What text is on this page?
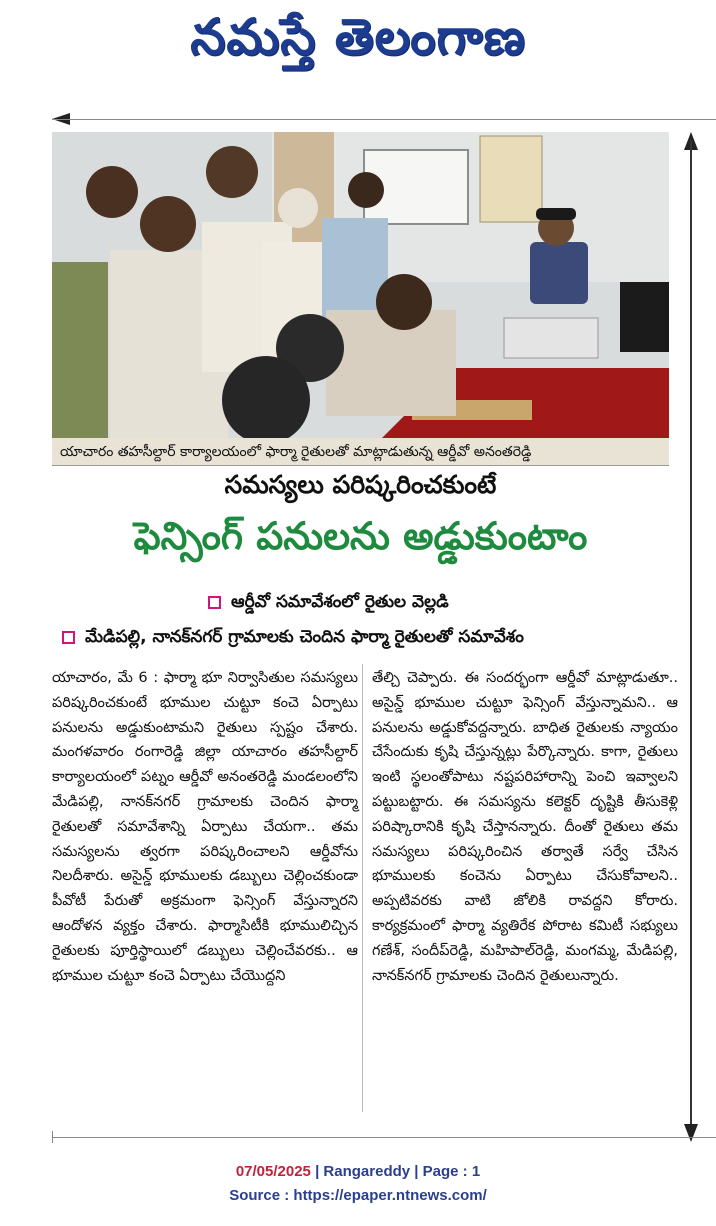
నమస్తే తెలంగాణ
యాచారం తహసీల్దార్ కార్యాలయంలో ఫార్మా రైతులతో మాట్లాడుతున్న ఆర్డీవో అనంతరెడ్డి
సమస్యలు పరిష్కరించకుంటే
ఫెన్సింగ్ పనులను అడ్డుకుంటాం
ఆర్డీవో సమావేశంలో రైతుల వెల్లడి
మేడిపల్లి, నానక్‌నగర్ గ్రామాలకు చెందిన ఫార్మా రైతులతో సమావేశం
యాచారం, మే 6 : ఫార్మా భూ నిర్వాసితుల సమస్యలు పరిష్కరించకుంటే భూముల చుట్టూ కంచె ఏర్పాటు పనులను అడ్డుకుంటామని రైతులు స్పష్టం చేశారు. మంగళవారం రంగారెడ్డి జిల్లా యాచారం తహసీల్దార్ కార్యాలయంలో పట్నం ఆర్డీవో అనంతరెడ్డి మండలంలోని మేడిపల్లి, నానక్‌నగర్ గ్రామాలకు చెందిన ఫార్మా రైతులతో సమావేశాన్ని ఏర్పాటు చేయగా.. తమ సమస్యలను త్వరగా పరిష్కరించాలని ఆర్డీవోను నిలదీశారు. అసైన్డ్ భూములకు డబ్బులు చెల్లించకుండా పీవోటీ పేరుతో అక్రమంగా ఫెన్సింగ్ వేస్తున్నారని ఆందోళన వ్యక్తం చేశారు. ఫార్మాసిటీకి భూములిచ్చిన రైతులకు పూర్తిస్థాయిలో డబ్బులు చెల్లించేవరకు.. ఆ భూముల చుట్టూ కంచె ఏర్పాటు చేయొద్దని
తేల్చి చెప్పారు. ఈ సందర్భంగా ఆర్డీవో మాట్లాడుతూ.. అసైన్డ్ భూముల చుట్టూ ఫెన్సింగ్ వేస్తున్నామని.. ఆ పనులను అడ్డుకోవద్దన్నారు. బాధిత రైతులకు న్యాయం చేసేందుకు కృషి చేస్తున్నట్లు పేర్కొన్నారు. కాగా, రైతులు ఇంటి స్థలంతోపాటు నష్టపరిహారాన్ని పెంచి ఇవ్వాలని పట్టుబట్టారు. ఈ సమస్యను కలెక్టర్ దృష్టికి తీసుకెళ్లి పరిష్కారానికి కృషి చేస్తానన్నారు. దీంతో రైతులు తమ సమస్యలు పరిష్కరించిన తర్వాతే సర్వే చేసిన భూములకు కంచెను ఏర్పాటు చేసుకోవాలని.. అప్పటివరకు వాటి జోలికి రావద్దని కోరారు. కార్యక్రమంలో ఫార్మా వ్యతిరేక పోరాట కమిటీ సభ్యులు గణేశ్, సందీప్‌రెడ్డి, మహిపాల్‌రెడ్డి, మంగమ్మ, మేడిపల్లి, నానక్‌నగర్ గ్రామాలకు చెందిన రైతులున్నారు.
07/05/2025 | Rangareddy | Page : 1
Source : https://epaper.ntnews.com/
